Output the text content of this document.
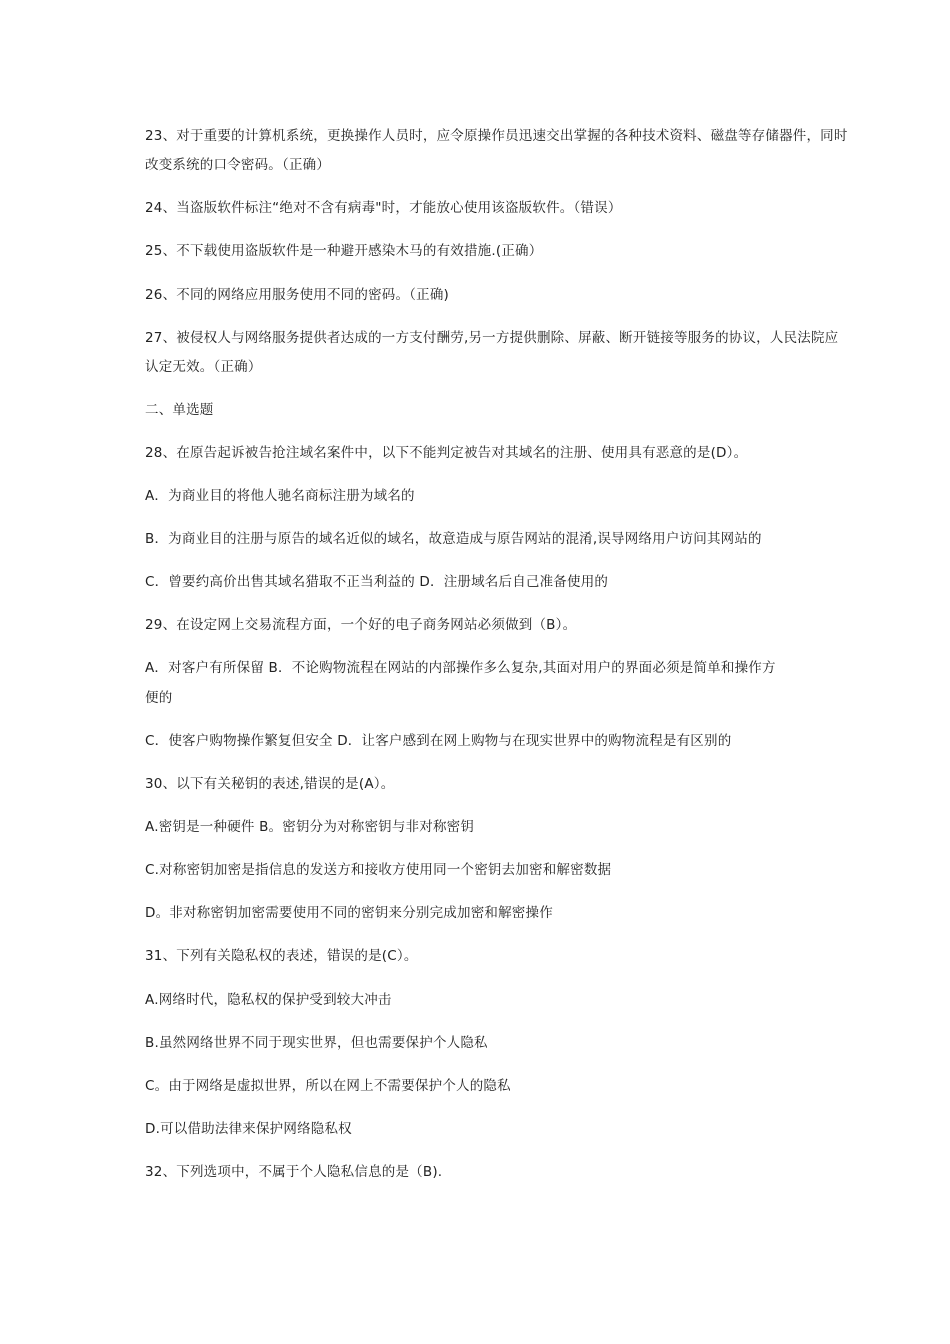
23、对于重要的计算机系统，更换操作人员时，应令原操作员迅速交出掌握的各种技术资料、磁盘等存储器件，同时
改变系统的口令密码。（正确）
24、当盗版软件标注“绝对不含有病毒"时，才能放心使用该盗版软件。（错误）
25、不下载使用盗版软件是一种避开感染木马的有效措施.(正确）
26、不同的网络应用服务使用不同的密码。（正确)
27、被侵权人与网络服务提供者达成的一方支付酬劳,另一方提供删除、屏蔽、断开链接等服务的协议，人民法院应
认定无效。（正确）
二、单选题
28、在原告起诉被告抢注域名案件中，以下不能判定被告对其域名的注册、使用具有恶意的是(D）。
A．为商业目的将他人驰名商标注册为域名的
B．为商业目的注册与原告的域名近似的域名，故意造成与原告网站的混淆,误导网络用户访问其网站的
C．曾要约高价出售其域名猎取不正当利益的 D．注册域名后自己准备使用的
29、在设定网上交易流程方面，一个好的电子商务网站必须做到（B）。
A．对客户有所保留 B．不论购物流程在网站的内部操作多么复杂,其面对用户的界面必须是简单和操作方
便的
C．使客户购物操作繁复但安全 D．让客户感到在网上购物与在现实世界中的购物流程是有区别的
30、以下有关秘钥的表述,错误的是(A）。
A.密钥是一种硬件 B。密钥分为对称密钥与非对称密钥
C.对称密钥加密是指信息的发送方和接收方使用同一个密钥去加密和解密数据
D。非对称密钥加密需要使用不同的密钥来分别完成加密和解密操作
31、下列有关隐私权的表述，错误的是(C）。
A.网络时代，隐私权的保护受到较大冲击
B.虽然网络世界不同于现实世界，但也需要保护个人隐私
C。由于网络是虚拟世界，所以在网上不需要保护个人的隐私
D.可以借助法律来保护网络隐私权
32、下列选项中，不属于个人隐私信息的是（B).
